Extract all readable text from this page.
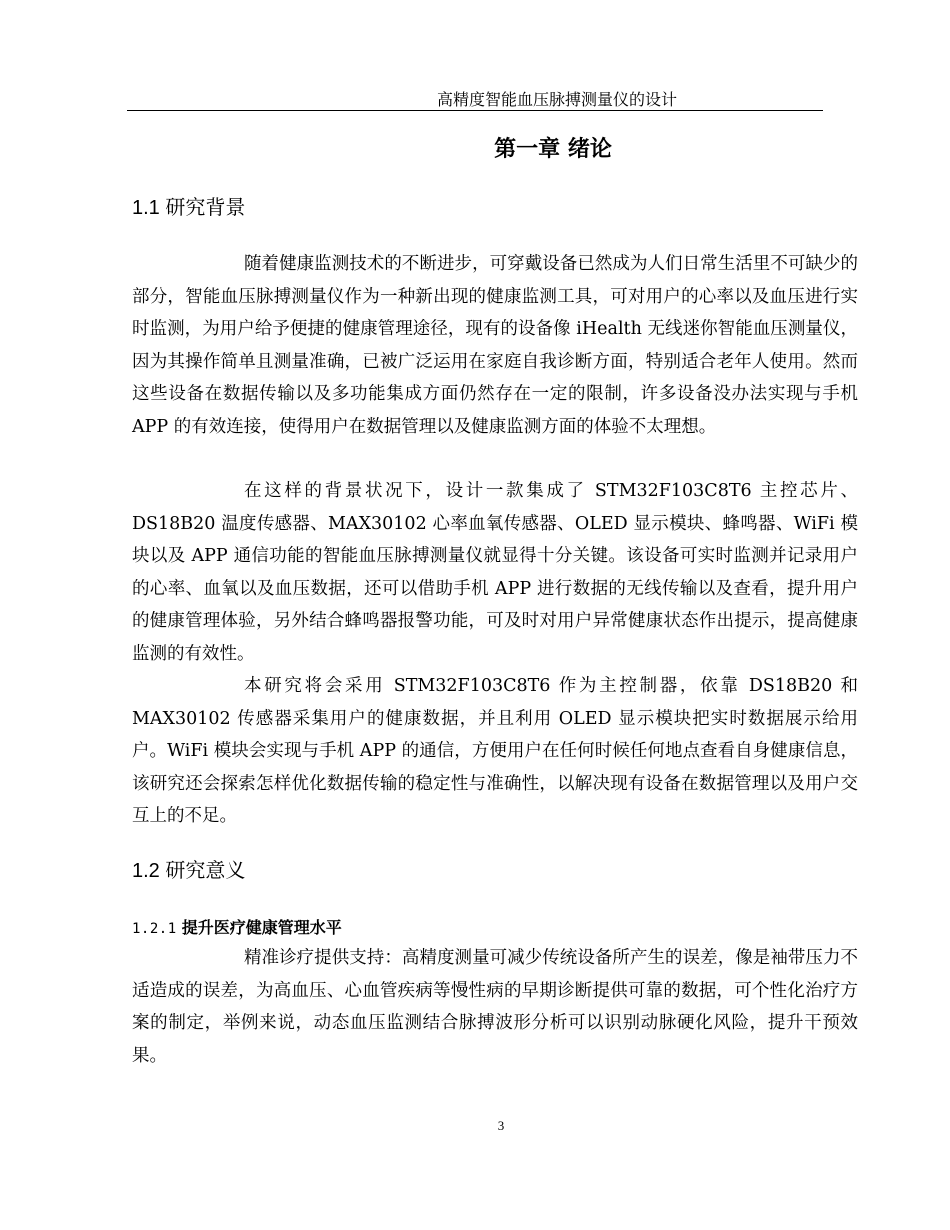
高精度智能血压脉搏测量仪的设计
第一章 绪论
1.1 研究背景

随着健康监测技术的不断进步，可穿戴设备已然成为人们日常生活里不可缺少的部分，智能血压脉搏测量仪作为一种新出现的健康监测工具，可对用户的心率以及血压进行实时监测，为用户给予便捷的健康管理途径，现有的设备像 iHealth 无线迷你智能血压测量仪，因为其操作简单且测量准确，已被广泛运用在家庭自我诊断方面，特别适合老年人使用。然而这些设备在数据传输以及多功能集成方面仍然存在一定的限制，许多设备没办法实现与手机 APP 的有效连接，使得用户在数据管理以及健康监测方面的体验不太理想。

在这样的背景状况下，设计一款集成了 STM32F103C8T6 主控芯片、DS18B20 温度传感器、MAX30102 心率血氧传感器、OLED 显示模块、蜂鸣器、WiFi 模块以及 APP 通信功能的智能血压脉搏测量仪就显得十分关键。该设备可实时监测并记录用户的心率、血氧以及血压数据，还可以借助手机 APP 进行数据的无线传输以及查看，提升用户的健康管理体验，另外结合蜂鸣器报警功能，可及时对用户异常健康状态作出提示，提高健康监测的有效性。

本研究将会采用 STM32F103C8T6 作为主控制器，依靠 DS18B20 和 MAX30102 传感器采集用户的健康数据，并且利用 OLED 显示模块把实时数据展示给用户。WiFi 模块会实现与手机 APP 的通信，方便用户在任何时候任何地点查看自身健康信息，该研究还会探索怎样优化数据传输的稳定性与准确性，以解决现有设备在数据管理以及用户交互上的不足。

1.2 研究意义
1.2.1 提升医疗健康管理水平

精准诊疗提供支持：高精度测量可减少传统设备所产生的误差，像是袖带压力不适造成的误差，为高血压、心血管疾病等慢性病的早期诊断提供可靠的数据，可个性化治疗方案的制定，举例来说，动态血压监测结合脉搏波形分析可以识别动脉硬化风险，提升干预效果。

3
